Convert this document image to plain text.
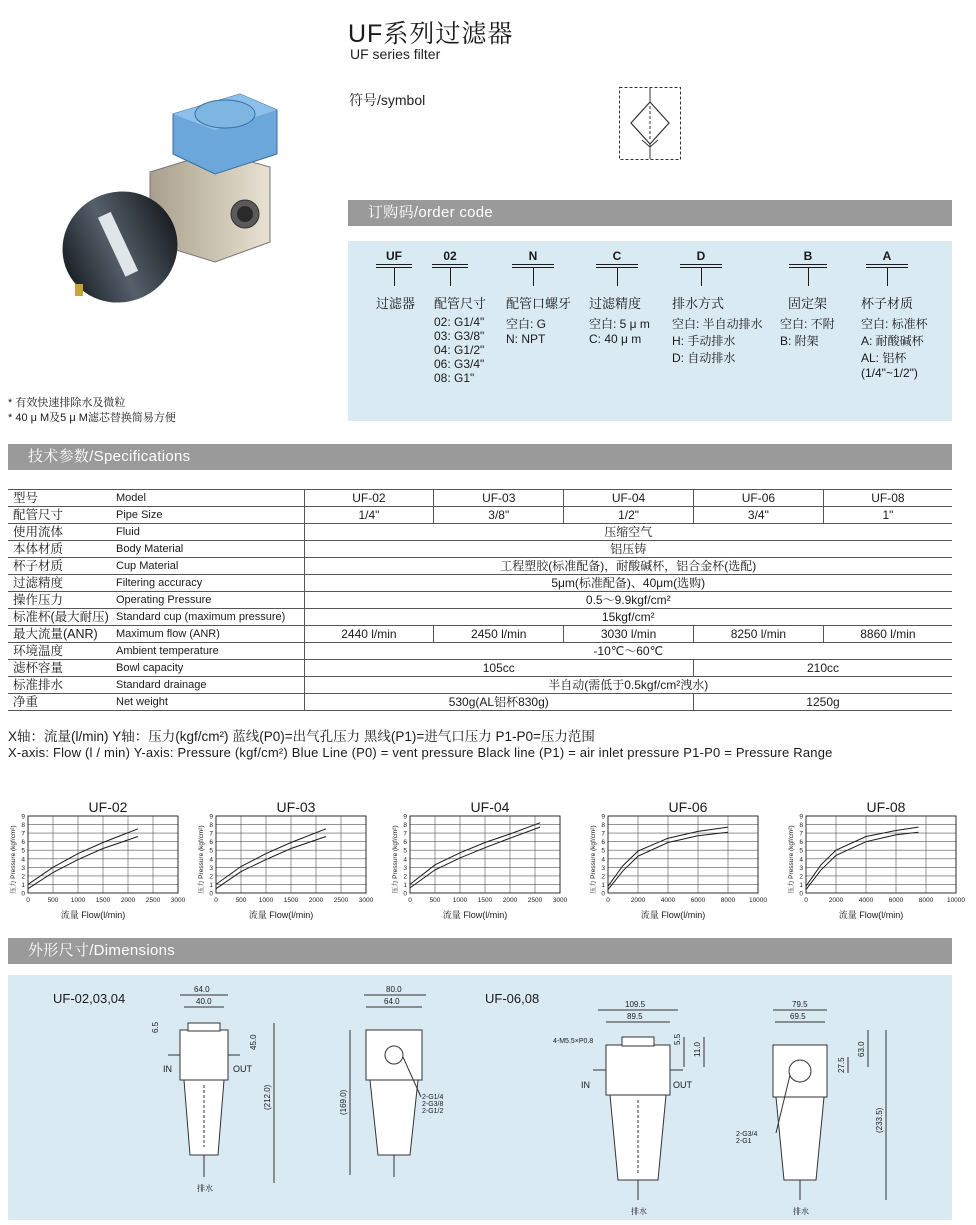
UF系列过滤器
UF series filter
符号/symbol
订购码/order code
UF
过滤器
02
配管尺寸
02: G1/4"
03: G3/8"
04: G1/2"
06: G3/4"
08: G1"
N
配管口螺牙
空白: G
N: NPT
C
过滤精度
空白: 5 μ m
C: 40 μ m
D
排水方式
空白: 半自动排水
H: 手动排水
D: 自动排水
B
固定架
空白: 不附
B: 附架
A
杯子材质
空白: 标准杯
A: 耐酸碱杯
AL: 铝杯
(1/4"~1/2")
* 有效快速排除水及微粒
* 40 μ M及5 μ M滤芯替换简易方便
技术参数/Specifications
型号	Model	UF-02	UF-03	UF-04	UF-06	UF-08
配管尺寸	Pipe Size	1/4"	3/8"	1/2"	3/4"	1"
使用流体	Fluid	压缩空气				
本体材质	Body Material	铝压铸				
杯子材质	Cup Material	工程塑胶(标准配备)，耐酸碱杯，铝合金杯(选配)				
过滤精度	Filtering accuracy	5μm(标准配备)、40μm(选购)				
操作压力	Operating Pressure	0.5～9.9kgf/cm²				
标准杯(最大耐压)	Standard cup (maximum pressure)	15kgf/cm²				
最大流量(ANR)	Maximum flow (ANR)	2440 l/min	2450 l/min	3030 l/min	8250 l/min	8860 l/min
环境温度	Ambient temperature	-10℃～60℃				
滤杯容量	Bowl capacity	105cc			210cc	
标准排水	Standard drainage	半自动(需低于0.5kgf/cm²洩水)				
净重	Net weight	530g(AL铝杯830g)			1250g	
X轴：流量(l/min) Y轴：压力(kgf/cm²) 蓝线(P0)=出气孔压力 黑线(P1)=进气口压力 P1-P0=压力范围
X-axis: Flow (l / min) Y-axis: Pressure (kgf/cm²) Blue Line (P0) = vent pressure Black line (P1) = air inlet pressure P1-P0 = Pressure Range
UF-02
0
1
2
3
4
5
6
7
8
9
0	500 1000 1500 2000 2500 3000
流量 Flow(l/min)
压力 Pressure (kgf/cm²)
UF-03
0
1
2
3
4
5
6
7
8
9
0	500 1000 1500 2000 2500 3000
流量 Flow(l/min)
压力 Pressure (kgf/cm²)
UF-04
0
1
2
3
4
5
6
7
8
9
0	500 1000 1500 2000 2500 3000
流量 Flow(l/min)
压力 Pressure (kgf/cm²)
UF-06
0
1
2
3
4
5
6
7
8
9
0	2000 4000 6000 8000 10000
流量 Flow(l/min)
压力 Pressure (kgf/cm²)
UF-08
0
1
2
3
4
5
6
7
8
9
0	2000 4000 6000 8000 10000
流量 Flow(l/min)
压力 Pressure (kgf/cm²)
外形尺寸/Dimensions
UF-02,03,04	UF-06,08
64.0
40.0
6.5
45.0
(212.0)
IN	OUT
排水
80.0
64.0
(169.0)	2-G1/4
2-G3/8
2-G1/2
109.5
89.5
4-M5.5×P0.8	5.5
11.0
IN	OUT
排水
79.5
69.5
63.0
27.5
(233.5)
2-G3/4
2-G1
排水
